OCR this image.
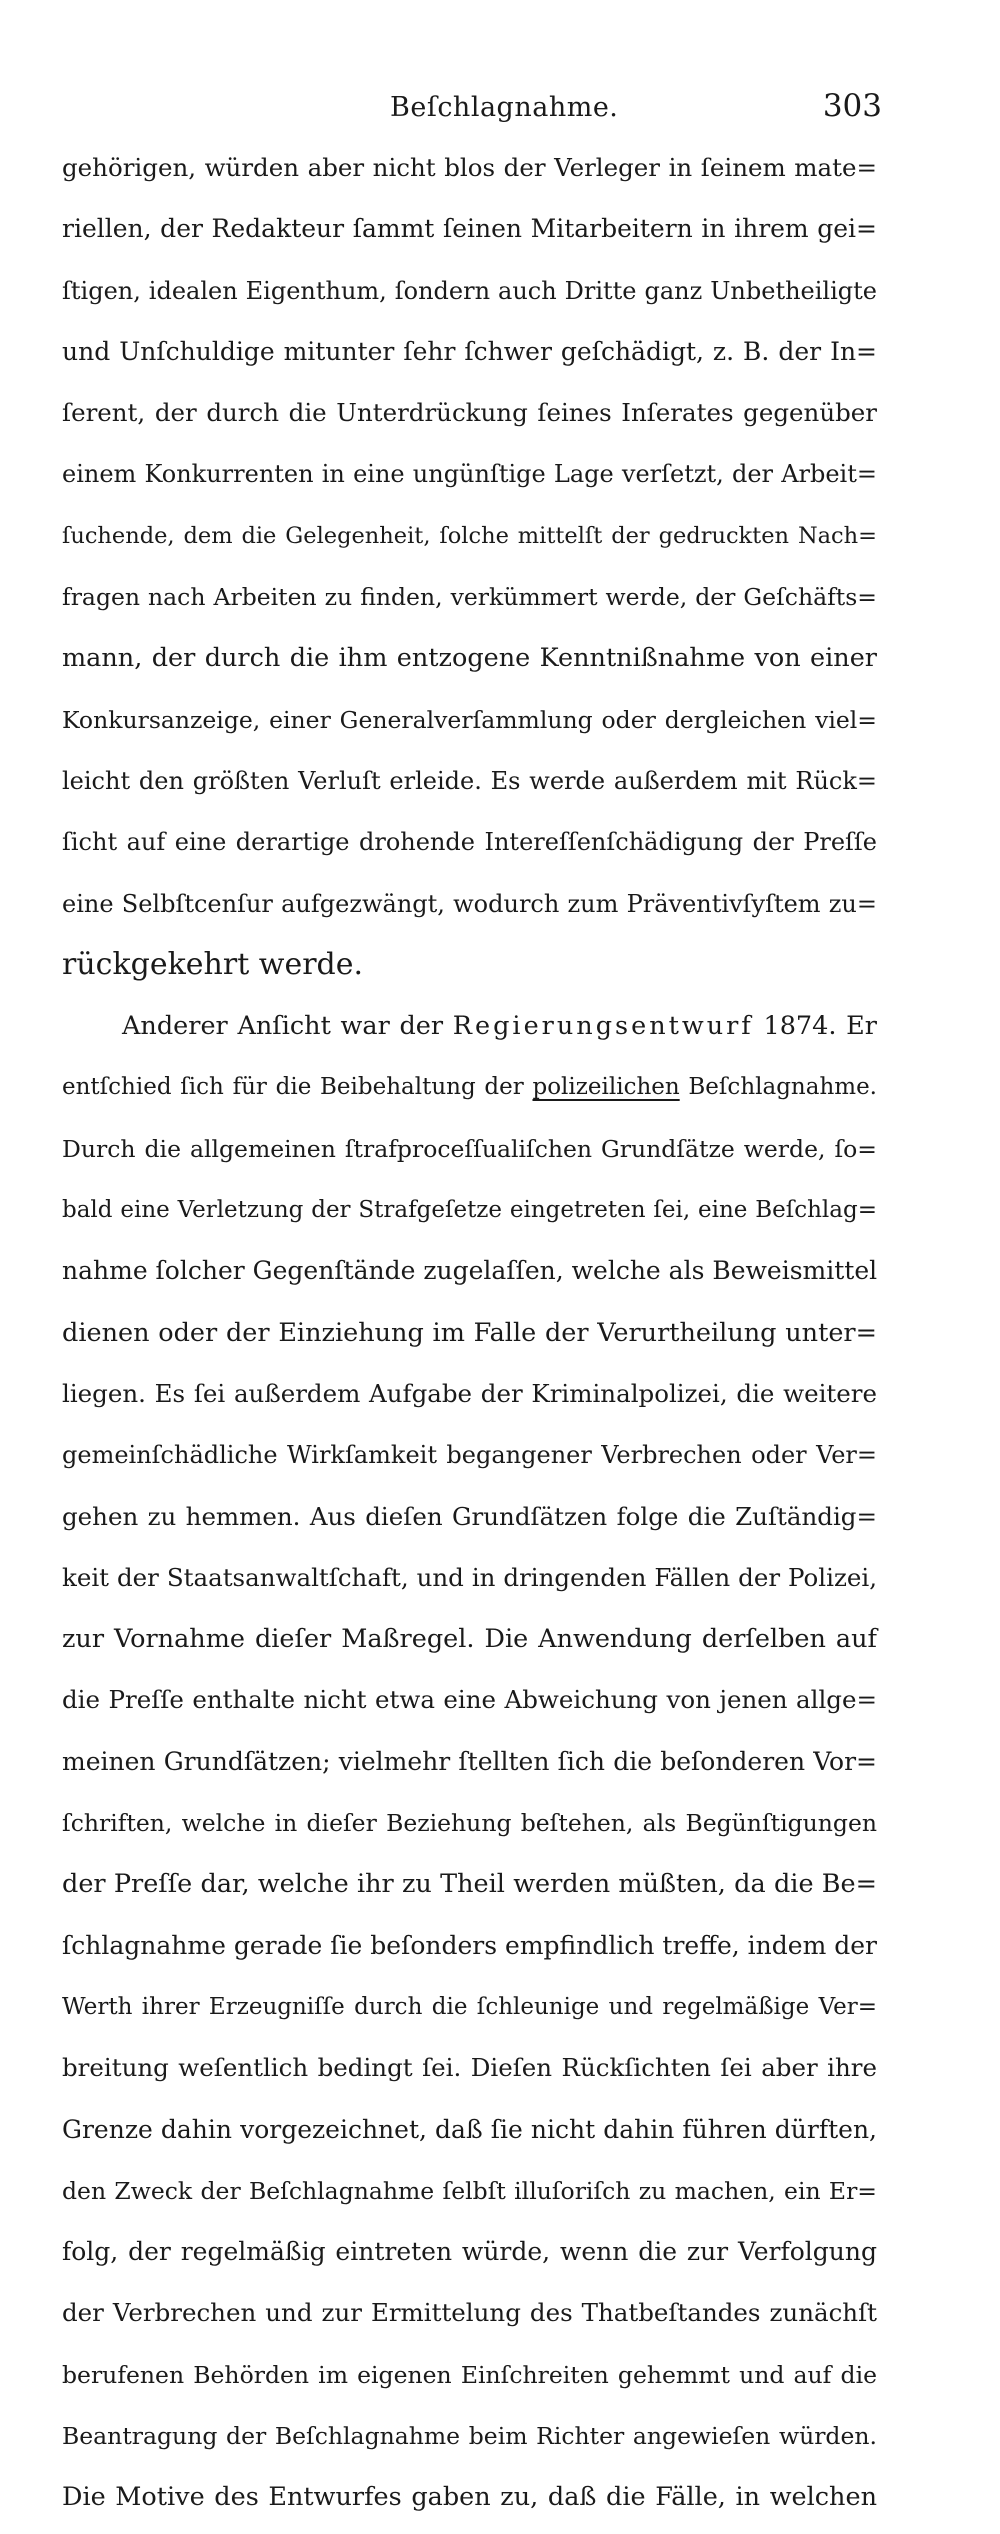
Beſchlagnahme.	303
gehörigen, würden aber nicht blos der Verleger in ſeinem mate=
riellen, der Redakteur ſammt ſeinen Mitarbeitern in ihrem gei=
ſtigen, idealen Eigenthum, ſondern auch Dritte ganz Unbetheiligte
und Unſchuldige mitunter ſehr ſchwer geſchädigt, z. B. der In=
ſerent, der durch die Unterdrückung ſeines Inſerates gegenüber
einem Konkurrenten in eine ungünſtige Lage verſetzt, der Arbeit=
ſuchende, dem die Gelegenheit, ſolche mittelſt der gedruckten Nach=
fragen nach Arbeiten zu finden, verkümmert werde, der Geſchäfts=
mann, der durch die ihm entzogene Kenntnißnahme von einer
Konkursanzeige, einer Generalverſammlung oder dergleichen viel=
leicht den größten Verluſt erleide. Es werde außerdem mit Rück=
ſicht auf eine derartige drohende Intereſſenſchädigung der Preſſe
eine Selbſtcenſur aufgezwängt, wodurch zum Präventivſyſtem zu=
rückgekehrt werde.
Anderer Anſicht war der Regierungsentwurf 1874. Er
entſchied ſich für die Beibehaltung der polizeilichen Beſchlagnahme.
Durch die allgemeinen ſtrafproceſſualiſchen Grundſätze werde, ſo=
bald eine Verletzung der Strafgeſetze eingetreten ſei, eine Beſchlag=
nahme ſolcher Gegenſtände zugelaſſen, welche als Beweismittel
dienen oder der Einziehung im Falle der Verurtheilung unter=
liegen. Es ſei außerdem Aufgabe der Kriminalpolizei, die weitere
gemeinſchädliche Wirkſamkeit begangener Verbrechen oder Ver=
gehen zu hemmen. Aus dieſen Grundſätzen folge die Zuſtändig=
keit der Staatsanwaltſchaft, und in dringenden Fällen der Polizei,
zur Vornahme dieſer Maßregel. Die Anwendung derſelben auf
die Preſſe enthalte nicht etwa eine Abweichung von jenen allge=
meinen Grundſätzen; vielmehr ſtellten ſich die beſonderen Vor=
ſchriften, welche in dieſer Beziehung beſtehen, als Begünſtigungen
der Preſſe dar, welche ihr zu Theil werden müßten, da die Be=
ſchlagnahme gerade ſie beſonders empfindlich treffe, indem der
Werth ihrer Erzeugniſſe durch die ſchleunige und regelmäßige Ver=
breitung weſentlich bedingt ſei. Dieſen Rückſichten ſei aber ihre
Grenze dahin vorgezeichnet, daß ſie nicht dahin führen dürften,
den Zweck der Beſchlagnahme ſelbſt illuſoriſch zu machen, ein Er=
folg, der regelmäßig eintreten würde, wenn die zur Verfolgung
der Verbrechen und zur Ermittelung des Thatbeſtandes zunächſt
berufenen Behörden im eigenen Einſchreiten gehemmt und auf die
Beantragung der Beſchlagnahme beim Richter angewieſen würden.
Die Motive des Entwurfes gaben zu, daß die Fälle, in welchen
